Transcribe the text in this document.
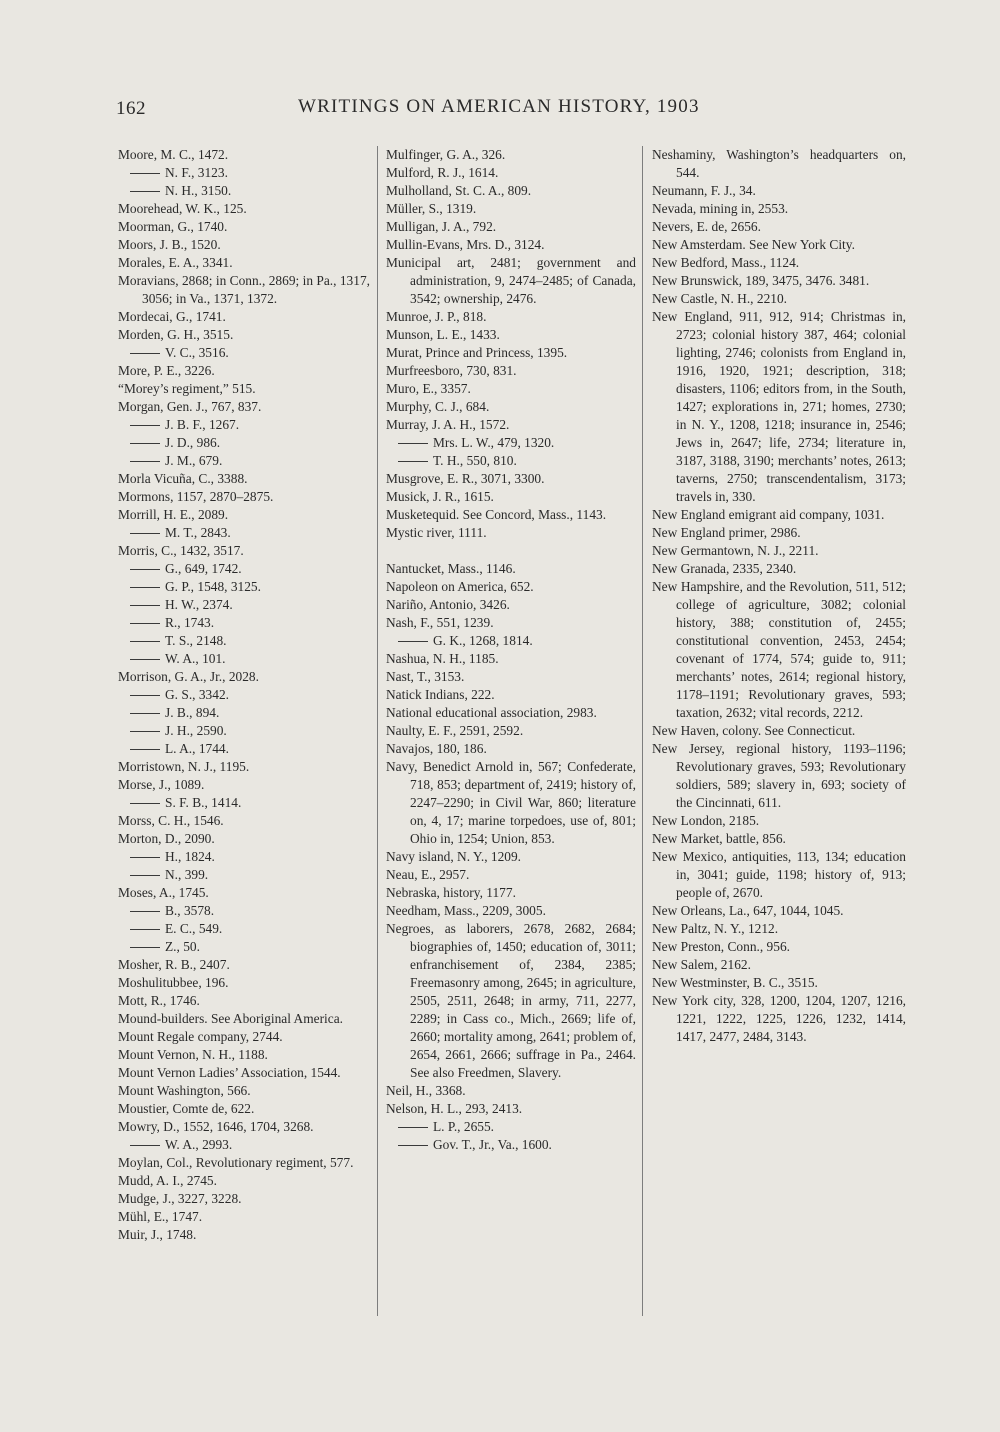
162	WRITINGS ON AMERICAN HISTORY, 1903
Moore, M. C., 1472.
N. F., 3123.
N. H., 3150.
Moorehead, W. K., 125.
Moorman, G., 1740.
Moors, J. B., 1520.
Morales, E. A., 3341.
Moravians, 2868; in Conn., 2869; in Pa., 1317, 3056; in Va., 1371, 1372.
Mordecai, G., 1741.
Morden, G. H., 3515.
V. C., 3516.
More, P. E., 3226.
“Morey’s regiment,” 515.
Morgan, Gen. J., 767, 837.
J. B. F., 1267.
J. D., 986.
J. M., 679.
Morla Vicuña, C., 3388.
Mormons, 1157, 2870–2875.
Morrill, H. E., 2089.
M. T., 2843.
Morris, C., 1432, 3517.
G., 649, 1742.
G. P., 1548, 3125.
H. W., 2374.
R., 1743.
T. S., 2148.
W. A., 101.
Morrison, G. A., Jr., 2028.
G. S., 3342.
J. B., 894.
J. H., 2590.
L. A., 1744.
Morristown, N. J., 1195.
Morse, J., 1089.
S. F. B., 1414.
Morss, C. H., 1546.
Morton, D., 2090.
H., 1824.
N., 399.
Moses, A., 1745.
B., 3578.
E. C., 549.
Z., 50.
Mosher, R. B., 2407.
Moshulitubbee, 196.
Mott, R., 1746.
Mound-builders. See Aboriginal America.
Mount Regale company, 2744.
Mount Vernon, N. H., 1188.
Mount Vernon Ladies’ Association, 1544.
Mount Washington, 566.
Moustier, Comte de, 622.
Mowry, D., 1552, 1646, 1704, 3268.
W. A., 2993.
Moylan, Col., Revolutionary regiment, 577.
Mudd, A. I., 2745.
Mudge, J., 3227, 3228.
Mühl, E., 1747.
Muir, J., 1748.
Mulfinger, G. A., 326.
Mulford, R. J., 1614.
Mulholland, St. C. A., 809.
Müller, S., 1319.
Mulligan, J. A., 792.
Mullin-Evans, Mrs. D., 3124.
Municipal art, 2481; government and administration, 9, 2474–2485; of Canada, 3542; ownership, 2476.
Munroe, J. P., 818.
Munson, L. E., 1433.
Murat, Prince and Princess, 1395.
Murfreesboro, 730, 831.
Muro, E., 3357.
Murphy, C. J., 684.
Murray, J. A. H., 1572.
Mrs. L. W., 479, 1320.
T. H., 550, 810.
Musgrove, E. R., 3071, 3300.
Musick, J. R., 1615.
Musketequid. See Concord, Mass., 1143.
Mystic river, 1111.
Nantucket, Mass., 1146.
Napoleon on America, 652.
Nariño, Antonio, 3426.
Nash, F., 551, 1239.
G. K., 1268, 1814.
Nashua, N. H., 1185.
Nast, T., 3153.
Natick Indians, 222.
National educational association, 2983.
Naulty, E. F., 2591, 2592.
Navajos, 180, 186.
Navy, Benedict Arnold in, 567; Confederate, 718, 853; department of, 2419; history of, 2247–2290; in Civil War, 860; literature on, 4, 17; marine torpedoes, use of, 801; Ohio in, 1254; Union, 853.
Navy island, N. Y., 1209.
Neau, E., 2957.
Nebraska, history, 1177.
Needham, Mass., 2209, 3005.
Negroes, as laborers, 2678, 2682, 2684; biographies of, 1450; education of, 3011; enfranchisement of, 2384, 2385; Freemasonry among, 2645; in agriculture, 2505, 2511, 2648; in army, 711, 2277, 2289; in Cass co., Mich., 2669; life of, 2660; mortality among, 2641; problem of, 2654, 2661, 2666; suffrage in Pa., 2464. See also Freedmen, Slavery.
Neil, H., 3368.
Nelson, H. L., 293, 2413.
L. P., 2655.
Gov. T., Jr., Va., 1600.
Neshaminy, Washington’s headquarters on, 544.
Neumann, F. J., 34.
Nevada, mining in, 2553.
Nevers, E. de, 2656.
New Amsterdam. See New York City.
New Bedford, Mass., 1124.
New Brunswick, 189, 3475, 3476. 3481.
New Castle, N. H., 2210.
New England, 911, 912, 914; Christmas in, 2723; colonial history 387, 464; colonial lighting, 2746; colonists from England in, 1916, 1920, 1921; description, 318; disasters, 1106; editors from, in the South, 1427; explorations in, 271; homes, 2730; in N. Y., 1208, 1218; insurance in, 2546; Jews in, 2647; life, 2734; literature in, 3187, 3188, 3190; merchants’ notes, 2613; taverns, 2750; transcendentalism, 3173; travels in, 330.
New England emigrant aid company, 1031.
New England primer, 2986.
New Germantown, N. J., 2211.
New Granada, 2335, 2340.
New Hampshire, and the Revolution, 511, 512; college of agriculture, 3082; colonial history, 388; constitution of, 2455; constitutional convention, 2453, 2454; covenant of 1774, 574; guide to, 911; merchants’ notes, 2614; regional history, 1178–1191; Revolutionary graves, 593; taxation, 2632; vital records, 2212.
New Haven, colony. See Connecticut.
New Jersey, regional history, 1193–1196; Revolutionary graves, 593; Revolutionary soldiers, 589; slavery in, 693; society of the Cincinnati, 611.
New London, 2185.
New Market, battle, 856.
New Mexico, antiquities, 113, 134; education in, 3041; guide, 1198; history of, 913; people of, 2670.
New Orleans, La., 647, 1044, 1045.
New Paltz, N. Y., 1212.
New Preston, Conn., 956.
New Salem, 2162.
New Westminster, B. C., 3515.
New York city, 328, 1200, 1204, 1207, 1216, 1221, 1222, 1225, 1226, 1232, 1414, 1417, 2477, 2484, 3143.
